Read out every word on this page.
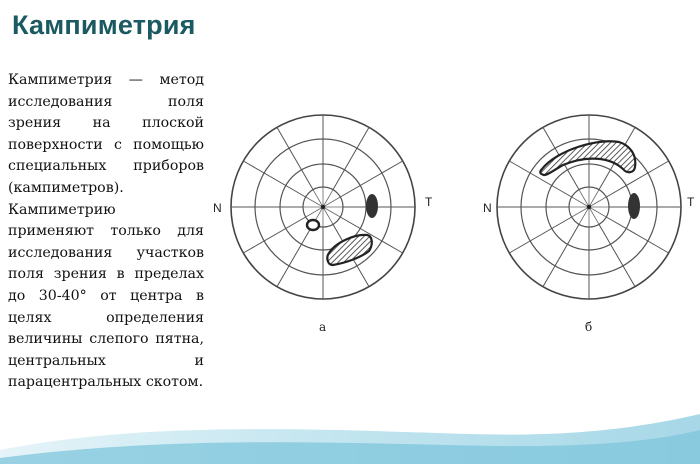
Кампиметрия
Кампиметрия — метод исследования поля зрения на плоской поверхности с помощью специальных приборов (кампиметров).
Кампиметрию применяют только для исследования участков поля зрения в пределах до 30-40° от центра в целях определения величины слепого пятна, центральных и парацентральных скотом.
N	T
а
N	T
б
